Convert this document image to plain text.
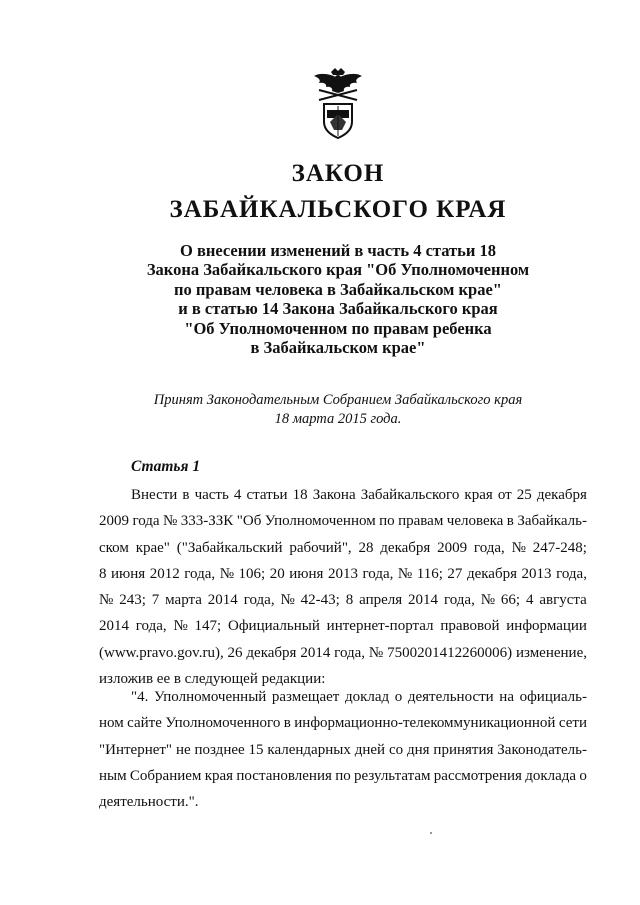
ЗАКОН
ЗАБАЙКАЛЬСКОГО КРАЯ
О внесении изменений в часть 4 статьи 18
Закона Забайкальского края "Об Уполномоченном
по правам человека в Забайкальском крае"
и в статью 14 Закона Забайкальского края
"Об Уполномоченном по правам ребенка
в Забайкальском крае"
Принят Законодательным Собранием Забайкальского края
18 марта 2015 года.
Статья 1
Внести в часть 4 статьи 18 Закона Забайкальского края от 25 декабря
2009 года № 333-ЗЗК "Об Уполномоченном по правам человека в Забайкаль-
ском крае" ("Забайкальский рабочий", 28 декабря 2009 года, № 247-248;
8 июня 2012 года, № 106; 20 июня 2013 года, № 116; 27 декабря 2013 года,
№ 243; 7 марта 2014 года, № 42-43; 8 апреля 2014 года, № 66; 4 августа
2014 года, № 147; Официальный интернет-портал правовой информации
(www.pravo.gov.ru), 26 декабря 2014 года, № 7500201412260006) изменение,
изложив ее в следующей редакции:
"4. Уполномоченный размещает доклад о деятельности на официаль-
ном сайте Уполномоченного в информационно-телекоммуникационной сети
"Интернет" не позднее 15 календарных дней со дня принятия Законодатель-
ным Собранием края постановления по результатам рассмотрения доклада о
деятельности.".
